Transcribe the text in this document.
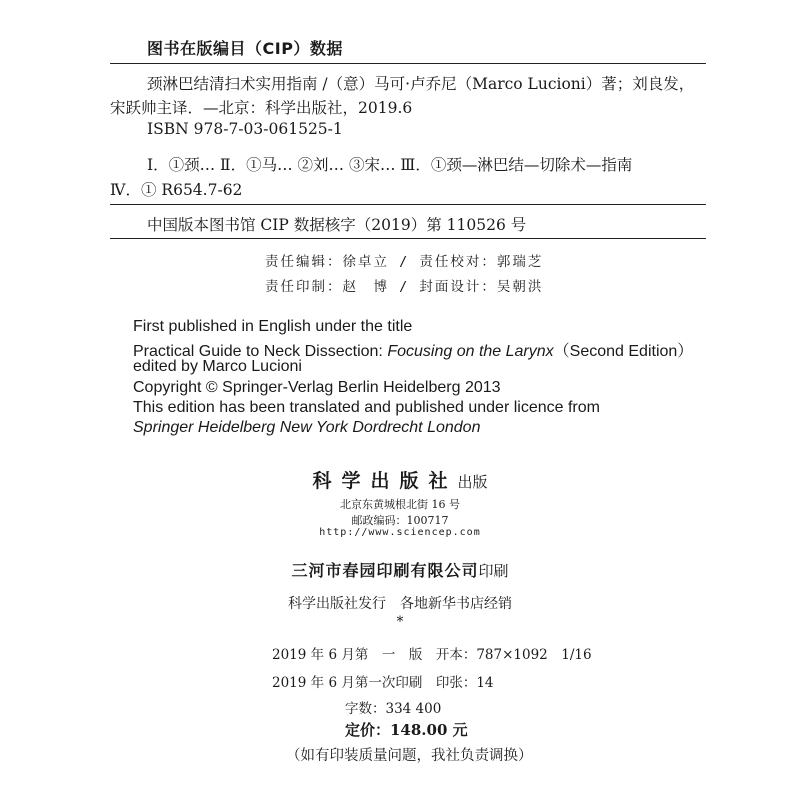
图书在版编目（CIP）数据
颈淋巴结清扫术实用指南 /（意）马可·卢乔尼（Marco Lucioni）著；刘良发，
宋跃帅主译．—北京：科学出版社，2019.6
ISBN 978-7-03-061525-1
Ⅰ．①颈… Ⅱ．①马… ②刘… ③宋… Ⅲ．①颈—淋巴结—切除术—指南
Ⅳ．① R654.7-62
中国版本图书馆 CIP 数据核字（2019）第 110526 号
责任编辑：徐卓立 / 责任校对：郭瑞芝
责任印制：赵　博 / 封面设计：吴朝洪
First published in English under the title
Practical Guide to Neck Dissection: Focusing on the Larynx（Second Edition）
edited by Marco Lucioni
Copyright © Springer-Verlag Berlin Heidelberg 2013
This edition has been translated and published under licence from
Springer Heidelberg New York Dordrecht London
科学出版社出版
北京东黄城根北街 16 号
邮政编码：100717
http://www.sciencep.com
三河市春园印刷有限公司印刷
科学出版社发行　各地新华书店经销
*
2019 年 6 月第　一　版　开本：787×1092　1/16
2019 年 6 月第一次印刷　印张：14
字数：334 400
定价：148.00 元
（如有印装质量问题，我社负责调换）
